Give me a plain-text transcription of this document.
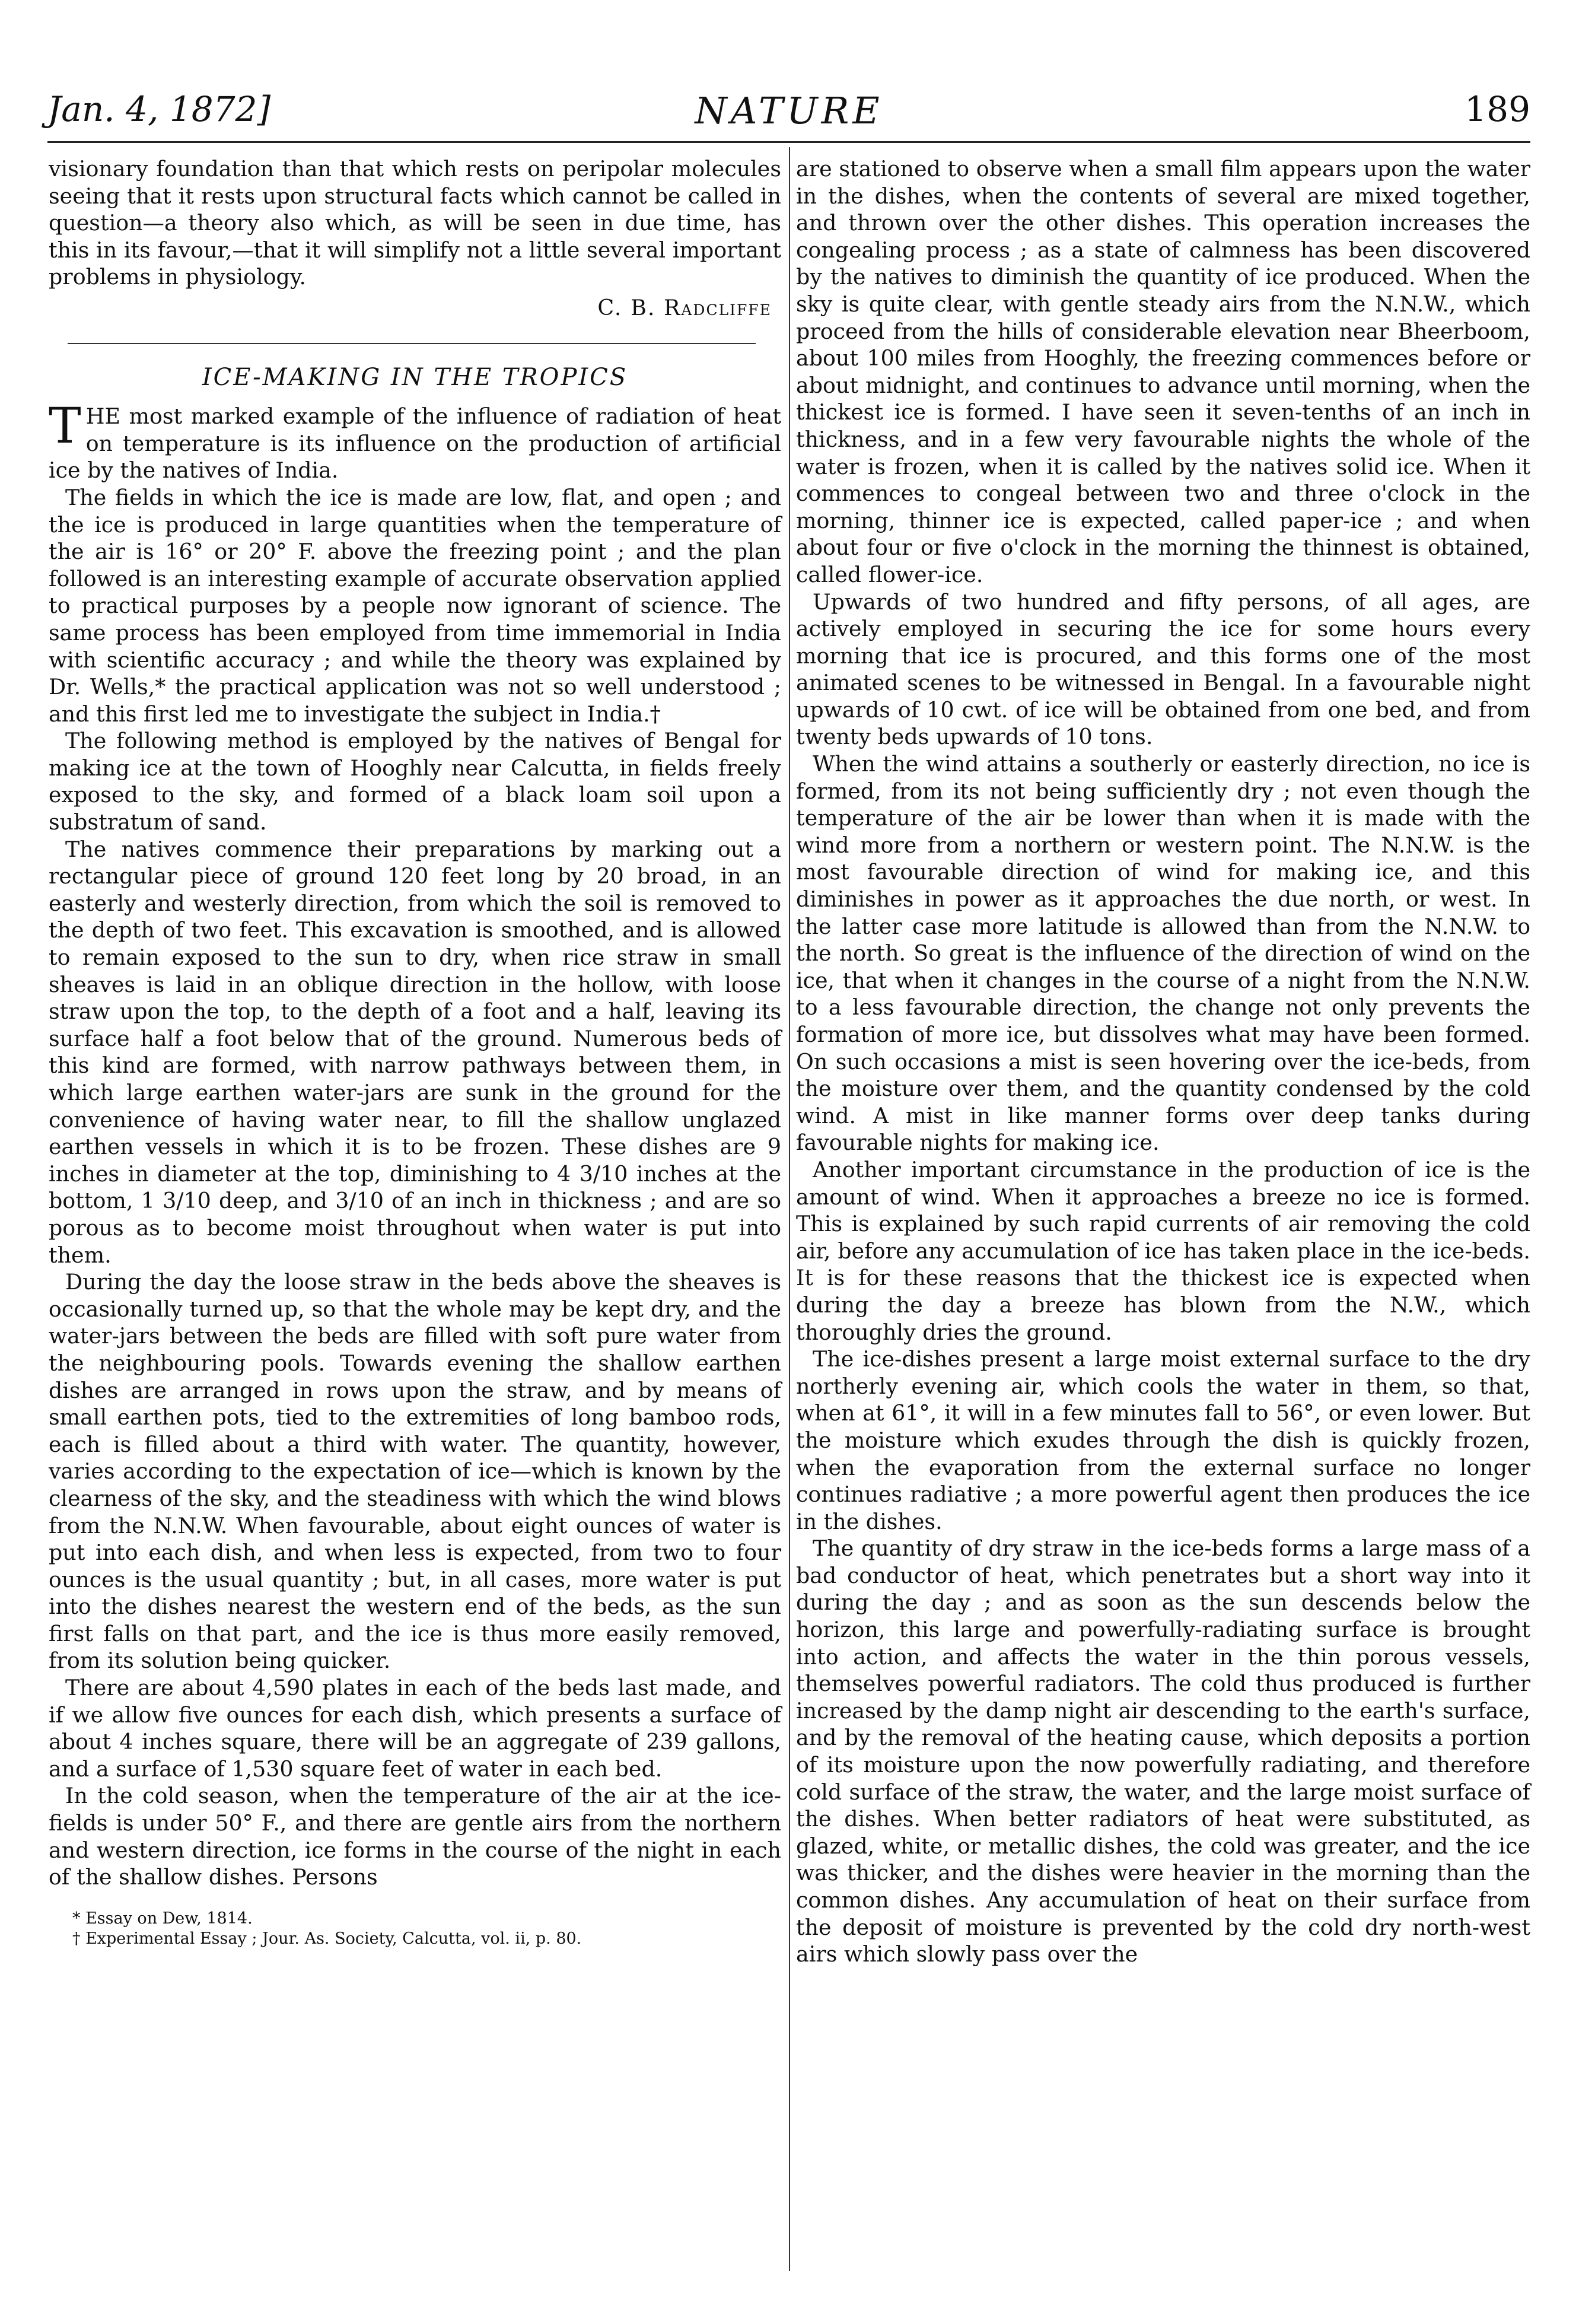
Jan. 4, 1872]	NATURE	189

visionary foundation than that which rests on peripolar molecules seeing that it rests upon structural facts which cannot be called in question—a theory also which, as will be seen in due time, has this in its favour,—that it will simplify not a little several important problems in physiology.

C. B. Radcliffe
ICE-MAKING IN THE TROPICS

THE most marked example of the influence of radiation of heat on temperature is its influence on the production of artificial ice by the natives of India.

The fields in which the ice is made are low, flat, and open ; and the ice is produced in large quantities when the temperature of the air is 16° or 20° F. above the freezing point ; and the plan followed is an interesting example of accurate observation applied to practical purposes by a people now ignorant of science. The same process has been employed from time immemorial in India with scientific accuracy ; and while the theory was explained by Dr. Wells,* the practical application was not so well understood ; and this first led me to investigate the subject in India.†

The following method is employed by the natives of Bengal for making ice at the town of Hooghly near Calcutta, in fields freely exposed to the sky, and formed of a black loam soil upon a substratum of sand.

The natives commence their preparations by marking out a rectangular piece of ground 120 feet long by 20 broad, in an easterly and westerly direction, from which the soil is removed to the depth of two feet. This excavation is smoothed, and is allowed to remain exposed to the sun to dry, when rice straw in small sheaves is laid in an oblique direction in the hollow, with loose straw upon the top, to the depth of a foot and a half, leaving its surface half a foot below that of the ground. Numerous beds of this kind are formed, with narrow pathways between them, in which large earthen water-jars are sunk in the ground for the convenience of having water near, to fill the shallow unglazed earthen vessels in which it is to be frozen. These dishes are 9 inches in diameter at the top, diminishing to 4 3/10 inches at the bottom, 1 3/10 deep, and 3/10 of an inch in thickness ; and are so porous as to become moist throughout when water is put into them.

During the day the loose straw in the beds above the sheaves is occasionally turned up, so that the whole may be kept dry, and the water-jars between the beds are filled with soft pure water from the neighbouring pools. Towards evening the shallow earthen dishes are arranged in rows upon the straw, and by means of small earthen pots, tied to the extremities of long bamboo rods, each is filled about a third with water. The quantity, however, varies according to the expectation of ice—which is known by the clearness of the sky, and the steadiness with which the wind blows from the N.N.W. When favourable, about eight ounces of water is put into each dish, and when less is expected, from two to four ounces is the usual quantity ; but, in all cases, more water is put into the dishes nearest the western end of the beds, as the sun first falls on that part, and the ice is thus more easily removed, from its solution being quicker.

There are about 4,590 plates in each of the beds last made, and if we allow five ounces for each dish, which presents a surface of about 4 inches square, there will be an aggregate of 239 gallons, and a surface of 1,530 square feet of water in each bed.

In the cold season, when the temperature of the air at the ice-fields is under 50° F., and there are gentle airs from the northern and western direction, ice forms in the course of the night in each of the shallow dishes. Persons

* Essay on Dew, 1814.
† Experimental Essay ; Jour. As. Society, Calcutta, vol. ii, p. 80.

are stationed to observe when a small film appears upon the water in the dishes, when the contents of several are mixed together, and thrown over the other dishes. This operation increases the congealing process ; as a state of calmness has been discovered by the natives to diminish the quantity of ice produced. When the sky is quite clear, with gentle steady airs from the N.N.W., which proceed from the hills of considerable elevation near Bheerboom, about 100 miles from Hooghly, the freezing commences before or about midnight, and continues to advance until morning, when the thickest ice is formed. I have seen it seven-tenths of an inch in thickness, and in a few very favourable nights the whole of the water is frozen, when it is called by the natives solid ice. When it commences to congeal between two and three o'clock in the morning, thinner ice is expected, called paper-ice ; and when about four or five o'clock in the morning the thinnest is obtained, called flower-ice.

Upwards of two hundred and fifty persons, of all ages, are actively employed in securing the ice for some hours every morning that ice is procured, and this forms one of the most animated scenes to be witnessed in Bengal. In a favourable night upwards of 10 cwt. of ice will be obtained from one bed, and from twenty beds upwards of 10 tons.

When the wind attains a southerly or easterly direction, no ice is formed, from its not being sufficiently dry ; not even though the temperature of the air be lower than when it is made with the wind more from a northern or western point. The N.N.W. is the most favourable direction of wind for making ice, and this diminishes in power as it approaches the due north, or west. In the latter case more latitude is allowed than from the N.N.W. to the north. So great is the influence of the direction of wind on the ice, that when it changes in the course of a night from the N.N.W. to a less favourable direction, the change not only prevents the formation of more ice, but dissolves what may have been formed. On such occasions a mist is seen hovering over the ice-beds, from the moisture over them, and the quantity condensed by the cold wind. A mist in like manner forms over deep tanks during favourable nights for making ice.

Another important circumstance in the production of ice is the amount of wind. When it approaches a breeze no ice is formed. This is explained by such rapid currents of air removing the cold air, before any accumulation of ice has taken place in the ice-beds. It is for these reasons that the thickest ice is expected when during the day a breeze has blown from the N.W., which thoroughly dries the ground.

The ice-dishes present a large moist external surface to the dry northerly evening air, which cools the water in them, so that, when at 61°, it will in a few minutes fall to 56°, or even lower. But the moisture which exudes through the dish is quickly frozen, when the evaporation from the external surface no longer continues radiative ; a more powerful agent then produces the ice in the dishes.

The quantity of dry straw in the ice-beds forms a large mass of a bad conductor of heat, which penetrates but a short way into it during the day ; and as soon as the sun descends below the horizon, this large and powerfully-radiating surface is brought into action, and affects the water in the thin porous vessels, themselves powerful radiators. The cold thus produced is further increased by the damp night air descending to the earth's surface, and by the removal of the heating cause, which deposits a portion of its moisture upon the now powerfully radiating, and therefore cold surface of the straw, the water, and the large moist surface of the dishes. When better radiators of heat were substituted, as glazed, white, or metallic dishes, the cold was greater, and the ice was thicker, and the dishes were heavier in the morning than the common dishes. Any accumulation of heat on their surface from the deposit of moisture is prevented by the cold dry north-west airs which slowly pass over the
